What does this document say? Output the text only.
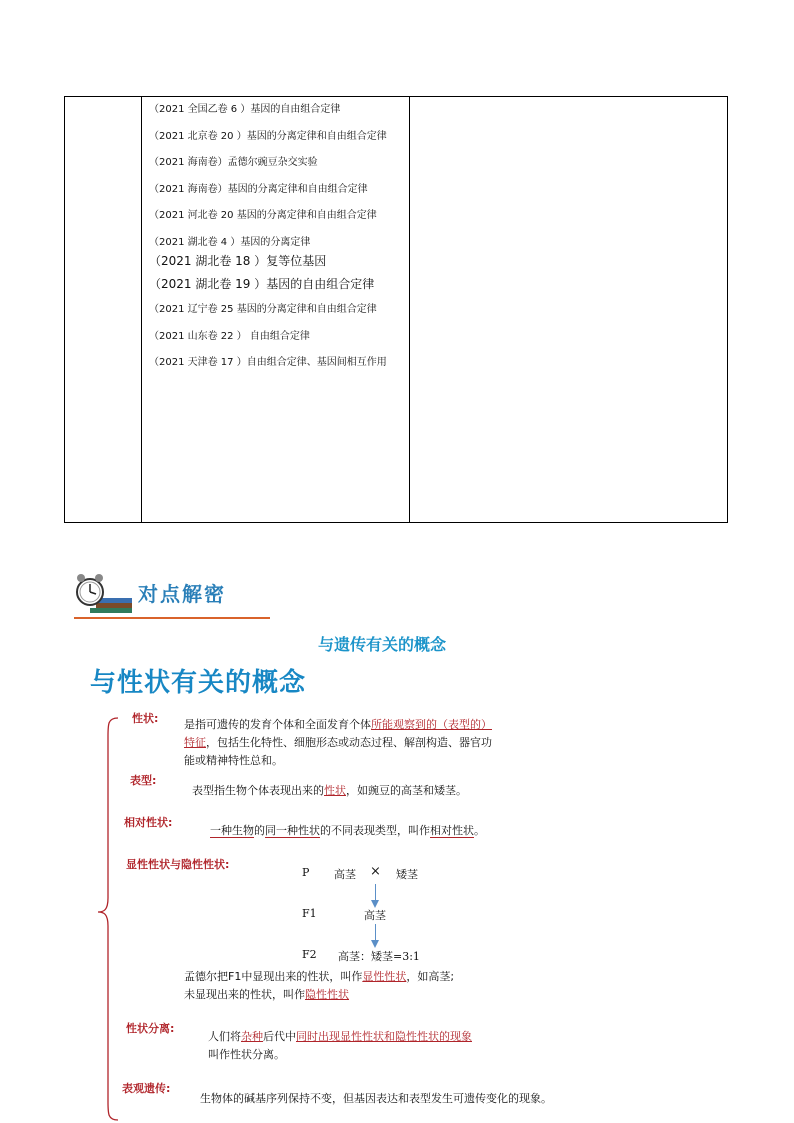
（2021 全国乙卷 6 ）基因的自由组合定律
（2021 北京卷 20 ）基因的分离定律和自由组合定律
（2021 海南卷）孟德尔豌豆杂交实验
（2021 海南卷）基因的分离定律和自由组合定律
（2021 河北卷 20 基因的分离定律和自由组合定律
（2021 湖北卷 4 ）基因的分离定律
（2021 湖北卷 18 ）复等位基因
（2021 湖北卷 19 ）基因的自由组合定律
（2021 辽宁卷 25 基因的分离定律和自由组合定律
（2021 山东卷 22 ） 自由组合定律
（2021 天津卷 17 ）自由组合定律、基因间相互作用
对点解密
与遗传有关的概念
与性状有关的概念
性状: 是指可遗传的发育个体和全面发育个体所能观察到的（表型的）特征，包括生化特性、细胞形态或动态过程、解剖构造、器官功能或精神特性总和。
表型:
表型指生物个体表现出来的性状，如豌豆的高茎和矮茎。
相对性状:
一种生物的同一种性状的不同表现类型，叫作相对性状。
显性性状与隐性性状:
P 高茎 × 矮茎
F1	高茎
F2 高茎：矮茎=3:1
孟德尔把F1中显现出来的性状，叫作显性性状，如高茎;
未显现出来的性状，叫作隐性性状
性状分离:
人们将杂种后代中同时出现显性性状和隐性性状的现象
叫作性状分离。
表观遗传:
生物体的碱基序列保持不变，但基因表达和表型发生可遗传变化的现象。
